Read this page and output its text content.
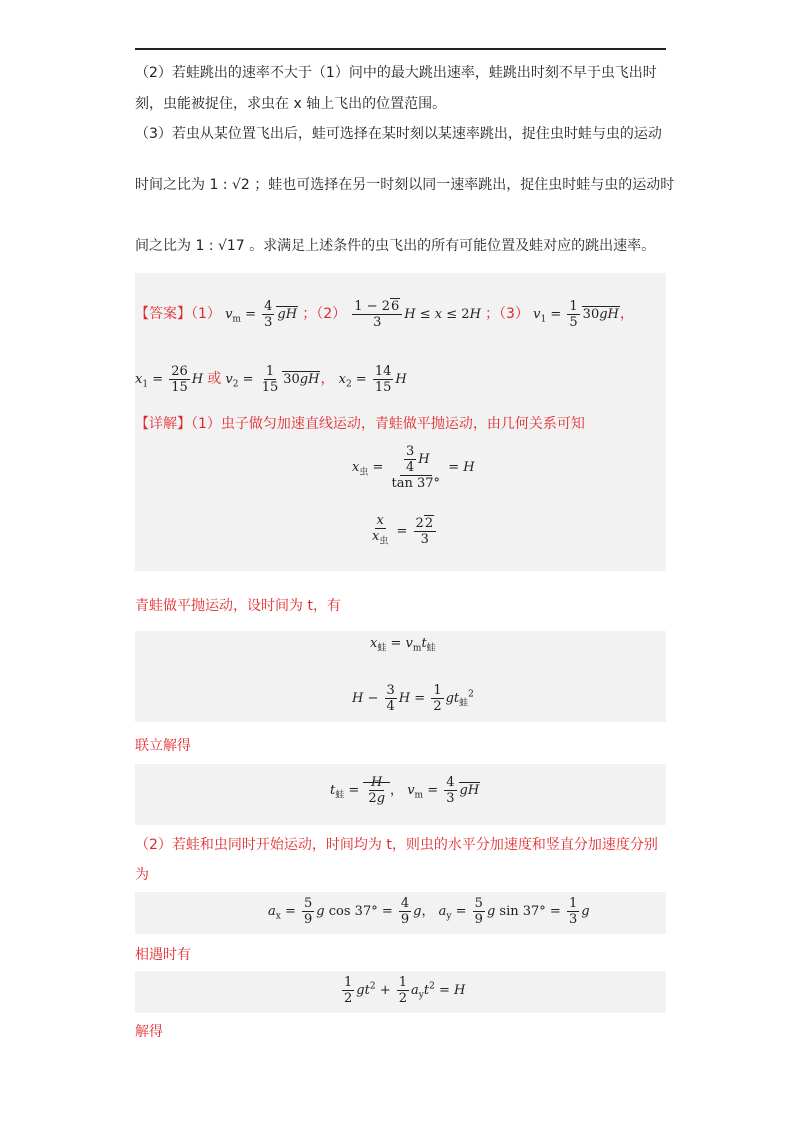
（2）若蛙跳出的速率不大于（1）问中的最大跳出速率，蛙跳出时刻不早于虫飞出时
刻，虫能被捉住，求虫在 x 轴上飞出的位置范围。
（3）若虫从某位置飞出后，蛙可选择在某时刻以某速率跳出，捉住虫时蛙与虫的运动
时间之比为 1 : √2 ；蛙也可选择在另一时刻以同一速率跳出，捉住虫时蛙与虫的运动时
间之比为 1 : √17 。求满足上述条件的虫飞出的所有可能位置及蛙对应的跳出速率。
【答案】（1） $v_m = \frac{4}{3}$ gH ；$(2) \frac{1 - 26}{3}$ H ≤ x ≤ 2H ；（3） $v_1 = \frac{1}{5} 30gH$，
$x_1 = \frac{26}{15}$ H 或 $v_2 = \frac{1}{15} 30gH$， $x_2 = \frac{14}{15}$ H
【详解】（1）虫子做匀加速直线运动，青蛙做平抛运动，由几何关系可知
$x_虫 = \frac{\frac{3}{4} H}{\tan 37^\circ} = H$
$\frac{x}{x_虫} = \frac{22}{3}$
青蛙做平抛运动，设时间为 t，有
$x_蛙 = v_mt_蛙$
$H - \frac{3}{4}$ $H = \frac{1}{2} gt_蛙^2$
联立解得
$t_蛙 = \frac{H}{2g}$ ， $v_m = \frac{4}{3}$ gH
（2）若蛙和虫同时开始运动，时间均为 t，则虫的水平分加速度和竖直分加速度分别
为
$a_x = \frac{5}{9}$ g $\cos 37^\circ = \frac{4}{9}$ g， $a_y = \frac{5}{9}$ g $\sin 37^\circ = \frac{1}{3}$ g
相遇时有
$\frac{1}{2} gt^2 + \frac{1}{2} a_yt^2 = H$
解得
